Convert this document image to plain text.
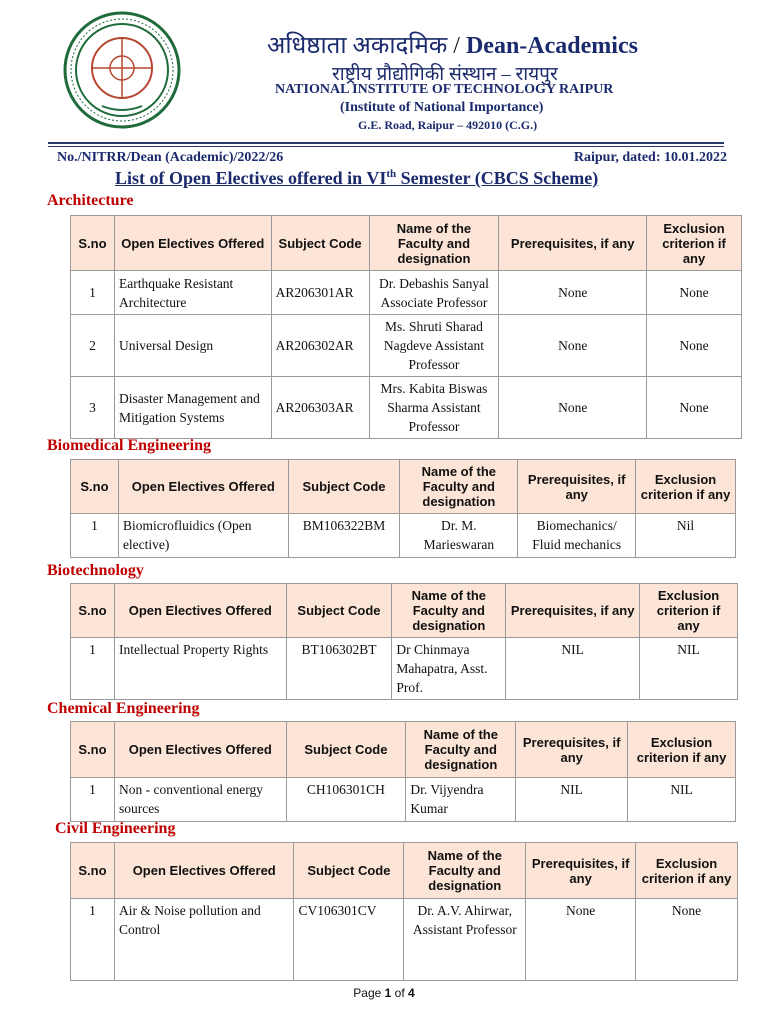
अधिष्ठाता अकादमिक / Dean-Academics
राष्ट्रीय प्रौद्योगिकी संस्थान – रायपुर
NATIONAL INSTITUTE OF TECHNOLOGY RAIPUR
(Institute of National Importance)
G.E. Road, Raipur – 492010 (C.G.)
No./NITRR/Dean (Academic)/2022/26	Raipur, dated: 10.01.2022
List of Open Electives offered in VIth Semester (CBCS Scheme)
Architecture
S.no	Open Electives Offered	Subject Code	Name of the Faculty and designation	Prerequisites, if any	Exclusion criterion if any
1	Earthquake Resistant Architecture	AR206301AR	Dr. Debashis Sanyal Associate Professor	None	None
2	Universal Design	AR206302AR	Ms. Shruti Sharad Nagdeve Assistant Professor	None	None
3	Disaster Management and Mitigation Systems	AR206303AR	Mrs. Kabita Biswas Sharma Assistant Professor	None	None
Biomedical Engineering
S.no	Open Electives Offered	Subject Code	Name of the Faculty and designation	Prerequisites, if any	Exclusion criterion if any
1	Biomicrofluidics (Open elective)	BM106322BM	Dr. M. Marieswaran	Biomechanics/ Fluid mechanics	Nil
Biotechnology
S.no	Open Electives Offered	Subject Code	Name of the Faculty and designation	Prerequisites, if any	Exclusion criterion if any
1	Intellectual Property Rights	BT106302BT	Dr Chinmaya Mahapatra, Asst. Prof.	NIL	NIL
Chemical Engineering
S.no	Open Electives Offered	Subject Code	Name of the Faculty and designation	Prerequisites, if any	Exclusion criterion if any
1	Non - conventional energy sources	CH106301CH	Dr. Vijyendra Kumar	NIL	NIL
Civil Engineering
S.no	Open Electives Offered	Subject Code	Name of the Faculty and designation	Prerequisites, if any	Exclusion criterion if any
1	Air & Noise pollution and Control	CV106301CV	Dr. A.V. Ahirwar, Assistant Professor	None	None
Page 1 of 4
